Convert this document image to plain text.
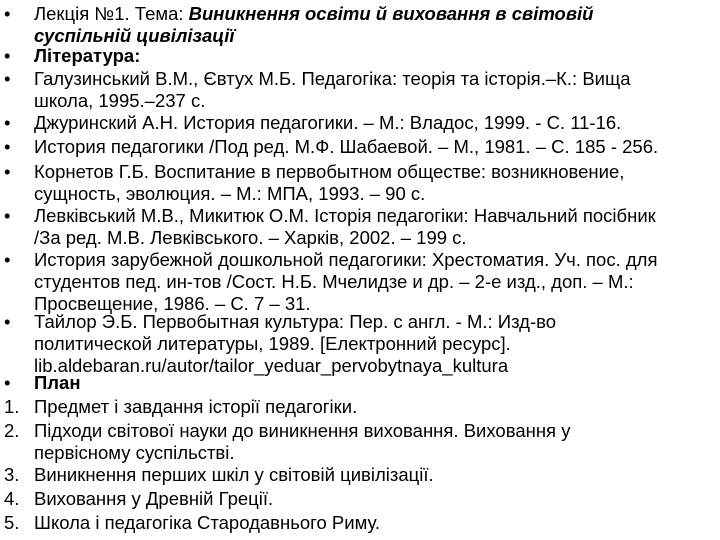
•	Лекція №1. Тема: Виникнення освіти й виховання в світовій
суспільній цивілізації
•	Література:
•	Галузинський В.М., Євтух М.Б. Педагогіка: теорія та історія.–К.: Вища
школа, 1995.–237 с.
•	Джуринский А.Н. История педагогики. – М.: Владос, 1999. - С. 11-16.
•	История педагогики /Под ред. М.Ф. Шабаевой. – М., 1981. – С. 185 - 256.
•	Корнетов Г.Б. Воспитание в первобытном обществе: возникновение,
сущность, эволюция. – М.: МПА, 1993. – 90 с.
•	Левківський М.В., Микитюк О.М. Історія педагогіки: Навчальний посібник
/За ред. М.В. Левківського. – Харків, 2002. – 199 с.
•	История зарубежной дошкольной педагогики: Хрестоматия. Уч. пос. для
студентов пед. ин-тов /Сост. Н.Б. Мчелидзе и др. – 2-е изд., доп. – М.:
Просвещение, 1986. – С. 7 – 31.
•	Тайлор Э.Б. Первобытная культура: Пер. с англ. - М.: Изд-во
политической литературы, 1989. [Електронний ресурс].
lib.aldebaran.ru/autor/tailor_yeduar_pervobytnaya_kultura
•	План
1. Предмет і завдання історії педагогіки.
2. Підходи світової науки до виникнення виховання. Виховання у
первісному суспільстві.
3. Виникнення перших шкіл у світовій цивілізації.
4. Виховання у Древній Греції.
5. Школа і педагогіка Стародавнього Риму.
